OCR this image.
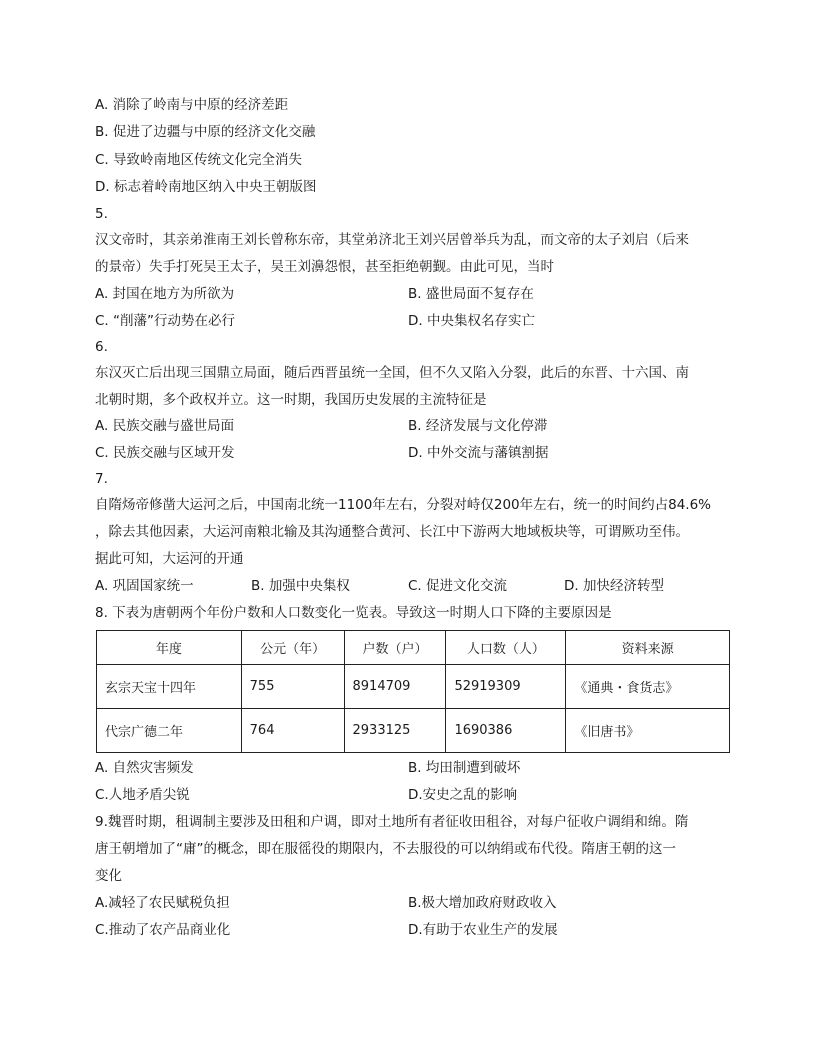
A. 消除了岭南与中原的经济差距
B. 促进了边疆与中原的经济文化交融
C. 导致岭南地区传统文化完全消失
D. 标志着岭南地区纳入中央王朝版图
5.
汉文帝时，其亲弟淮南王刘长曾称东帝，其堂弟济北王刘兴居曾举兵为乱，而文帝的太子刘启（后来
的景帝）失手打死吴王太子，吴王刘濞怨恨，甚至拒绝朝觐。由此可见，当时
A. 封国在地方为所欲为	B. 盛世局面不复存在
C. “削藩”行动势在必行	D. 中央集权名存实亡
6.
东汉灭亡后出现三国鼎立局面，随后西晋虽统一全国，但不久又陷入分裂，此后的东晋、十六国、南
北朝时期，多个政权并立。这一时期，我国历史发展的主流特征是
A. 民族交融与盛世局面	B. 经济发展与文化停滞
C. 民族交融与区域开发	D. 中外交流与藩镇割据
7.
自隋炀帝修凿大运河之后，中国南北统一1100年左右，分裂对峙仅200年左右，统一的时间约占84.6%
，除去其他因素，大运河南粮北输及其沟通整合黄河、长江中下游两大地域板块等，可谓厥功至伟。
据此可知，大运河的开通
A. 巩固国家统一	B. 加强中央集权	C. 促进文化交流	D. 加快经济转型
8. 下表为唐朝两个年份户数和人口数变化一览表。导致这一时期人口下降的主要原因是
年度	公元（年）	户数（户）	人口数（人）	资料来源
玄宗天宝十四年	755	8914709	52919309	《通典・食货志》
代宗广德二年	764	2933125	1690386	《旧唐书》
A. 自然灾害频发	B. 均田制遭到破坏
C.人地矛盾尖锐	D.安史之乱的影响
9.魏晋时期，租调制主要涉及田租和户调，即对土地所有者征收田租谷，对每户征收户调绢和绵。隋
唐王朝增加了“庸”的概念，即在服徭役的期限内，不去服役的可以纳绢或布代役。隋唐王朝的这一
变化
A.减轻了农民赋税负担	B.极大增加政府财政收入
C.推动了农产品商业化	D.有助于农业生产的发展
